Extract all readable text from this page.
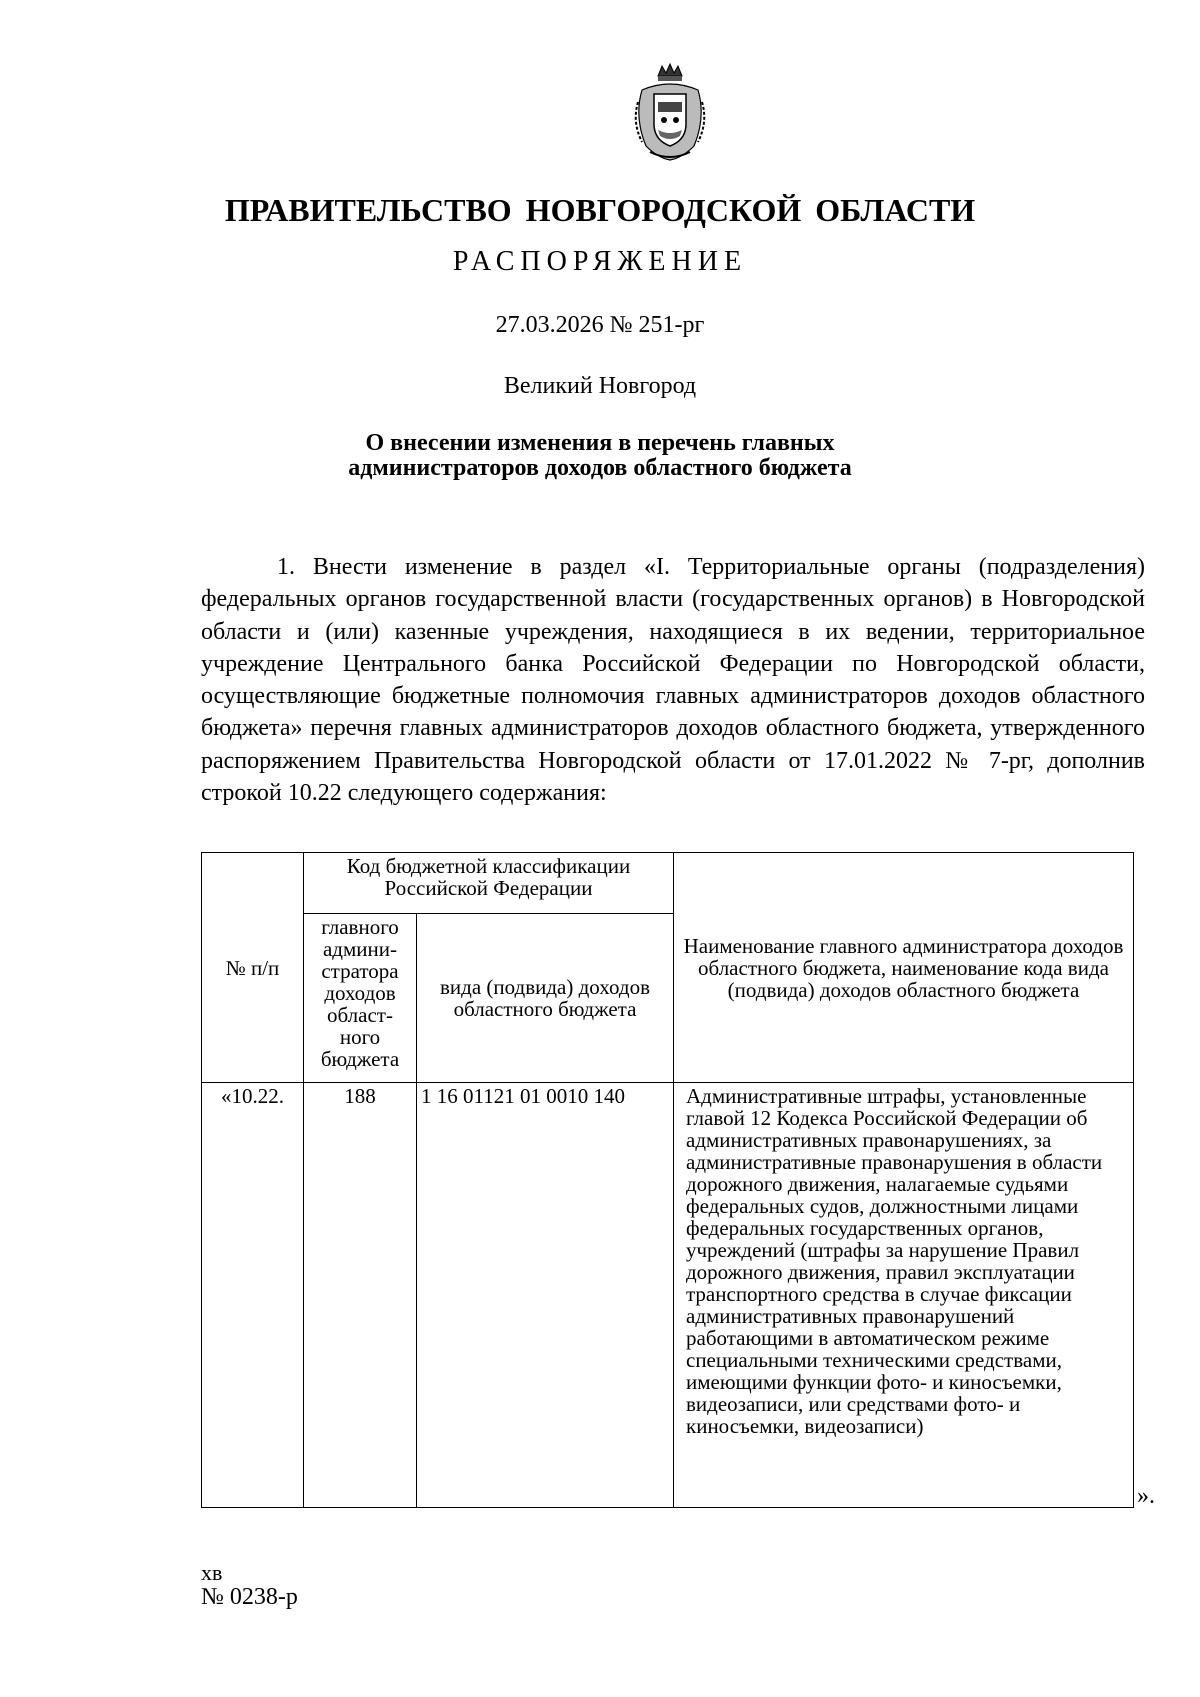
ПРАВИТЕЛЬСТВО НОВГОРОДСКОЙ ОБЛАСТИ
РАСПОРЯЖЕНИЕ
27.03.2026 № 251-рг
Великий Новгород
О внесении изменения в перечень главных
администраторов доходов областного бюджета

1. Внести изменение в раздел «I. Территориальные органы (подразделения) федеральных органов государственной власти (государственных органов) в Новгородской области и (или) казенные учреждения, находящиеся в их ведении, территориальное учреждение Центрального банка Российской Федерации по Новгородской области, осуществляющие бюджетные полномочия главных администраторов доходов областного бюджета» перечня главных администраторов доходов областного бюджета, утвержденного распоряжением Правительства Новгородской области от 17.01.2022 № 7-рг, дополнив строкой 10.22 следующего содержания:

№ п/п	Код бюджетной классификации Российской Федерации		Наименование главного администратора доходов областного бюджета, наименование кода вида (подвида) доходов областного бюджета
	главного админи-стратора доходов област-ного бюджета	вида (подвида) доходов областного бюджета	
«10.22.	188	1 16 01121 01 0010 140	Административные штрафы, установленные главой 12 Кодекса Российской Федерации об административных правонарушениях, за административные правонарушения в области дорожного движения, налагаемые судьями федеральных судов, должностными лицами федеральных государственных органов, учреждений (штрафы за нарушение Правил дорожного движения, правил эксплуатации транспортного средства в случае фиксации административных правонарушений работающими в автоматическом режиме специальными техническими средствами, имеющими функции фото- и киносъемки, видеозаписи, или средствами фото- и киносъемки, видеозаписи)
».
хв
№ 0238-р
